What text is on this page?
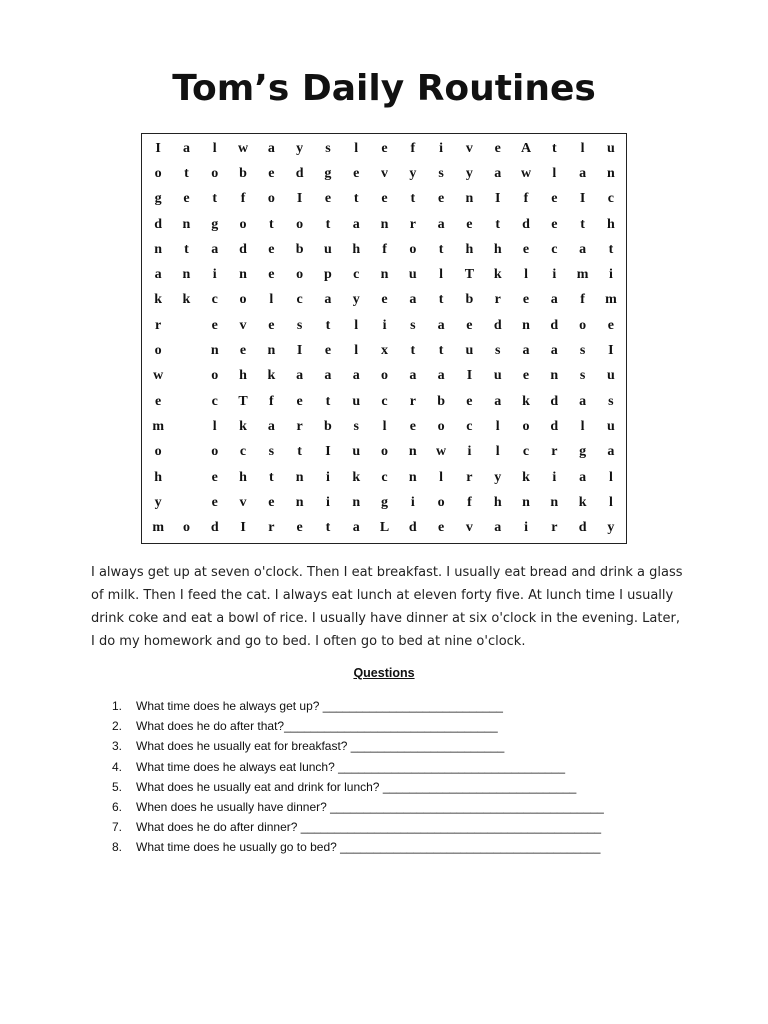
Tom’s Daily Routines
I	a	l	w	a	y	s	l	e	f	i	v	e	A	t	l	u
o	t	o	b	e	d	g	e	v	y	s	y	a	w	l	a	n
g	e	t	f	o	I	e	t	e	t	e	n	I	f	e	I	c
d	n	g	o	t	o	t	a	n	r	a	e	t	d	e	t	h
n	t	a	d	e	b	u	h	f	o	t	h	h	e	c	a	t
a	n	i	n	e	o	p	c	n	u	l	T	k	l	i	m	i
k	k	c	o	l	c	a	y	e	a	t	b	r	e	a	f	m
r		e	v	e	s	t	l	i	s	a	e	d	n	d	o	e
o		n	e	n	I	e	l	x	t	t	u	s	a	a	s	I
w		o	h	k	a	a	a	o	a	a	I	u	e	n	s	u
e		c	T	f	e	t	u	c	r	b	e	a	k	d	a	s
m		l	k	a	r	b	s	l	e	o	c	l	o	d	l	u
o		o	c	s	t	I	u	o	n	w	i	l	c	r	g	a
h		e	h	t	n	i	k	c	n	l	r	y	k	i	a	l
y		e	v	e	n	i	n	g	i	o	f	h	n	n	k	l
m	o	d	I	r	e	t	a	L	d	e	v	a	i	r	d	y

I always get up at seven o'clock. Then I eat breakfast. I usually eat bread and drink a glass of milk. Then I feed the cat. I always eat lunch at eleven forty five. At lunch time I usually drink coke and eat a bowl of rice. I usually have dinner at six o'clock in the evening. Later, I do my homework and go to bed. I often go to bed at nine o'clock.

Questions
1. What time does he always get up? ___________________________
2. What does he do after that?________________________________
3. What does he usually eat for breakfast? _______________________
4. What time does he always eat lunch? __________________________________
5. What does he usually eat and drink for lunch? _____________________________
6. When does he usually have dinner? _________________________________________
7. What does he do after dinner? _____________________________________________
8. What time does he usually go to bed? _______________________________________
